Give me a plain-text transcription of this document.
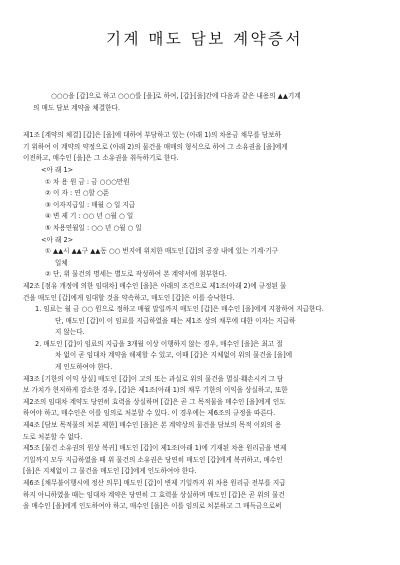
기계 매도 담보 계약증서

○○○을 [갑]으로 하고 ○○○를 [을]로 하여, [갑]·[을]간에 다음과 같은 내용의 ▲▲기계

의 매도 담보 계약을 체결한다.

제1조 [계약의 체결] [갑]은 [을]에 대하여 부담하고 있는 (아래 1)의 차용금 채무를 담보하

기 위하여 이 계약의 약정으로 (아래 2)의 물건을 매매의 형식으로 하여 그 소유권을 [을]에게

이전하고, 매수인 [을]은 그 소유권을 취득하기로 한다.

<아 래 1>

① 차 용 원 금 : 금 ○○○만원

② 이 자 : 연 ○할 ○푼

③ 이자지급일 : 매월 ○ 일 지급

④ 변 제 기 : ○○ 년 ○월 ○ 일

⑤ 차용연월일 : ○○ 년 ○월 ○ 일

<아 래 2>

① ▲▲시 ▲▲구 ▲▲동 ○○ 번지에 위치한 매도인 [갑]의 공장 내에 있는 기계·기구

일체

② 단, 위 물건의 명세는 별도로 작성하여 본 계약서에 첨부한다.

제2조 [점유 개정에 의한 임대차] 매수인 [을]은 아래의 조건으로 제1조(아래 2)에 규정된 물

건을 매도인 [갑]에게 임대할 것을 약속하고, 매도인 [갑]은 이를 승낙한다.

1. 임료는 월 금 ○○ 원으로 정하고 매월 말일까지 매도인 [갑]은 매수인 [을]에게 지참하여 지급한다.

단, 매도인 [갑]이 이 임료를 지급하였을 때는 제1조 상의 채무에 대한 이자는 지급하

지 않는다.

2. 매도인 [갑]이 임료의 지급을 3개월 이상 이행하지 않는 경우, 매수인 [을]은 최고 절

차 없이 곧 임대차 계약을 해제할 수 있고, 이때 [갑]은 지체없이 위의 물건을 [을]에

게 인도하여야 한다.

제3조 [기한의 이익 상실] 매도인 [갑]이 고의 또는 과실로 위의 물건을 멸실·훼손시켜 그 담

보 가치가 현저하게 감소한 경우, [갑]은 제1조(아래 1)의 채무 기한의 이익을 상실하고, 또한

제2조의 임대차 계약도 당연히 효력을 상실하며 [갑]은 곧 그 목적물을 매수인 [을]에게 인도

하여야 하고, 매수인은 이를 임의로 처분할 수 있다. 이 경우에는 제6조의 규정을 따른다.

제4조 [담보 목적물의 처분 제한] 매수인 [을]은 본 계약상의 물건을 담보의 목적 이외의 용

도로 처분할 수 없다.

제5조 [물건 소유권의 원상 복귀] 매도인 [갑]이 제1조(아래 1)에 기재된 차용 원리금을 변제

기일까지 모두 지급하였을 때 위 물건의 소유권은 당연히 매도인 [갑]에게 복귀하고, 매수인

[을]은 지체없이 그 물건을 매도인 [갑]에게 인도하여야 한다.

제6조 [채무불이행시에 정산 의무] 매도인 [갑]이 변제 기일까지 위 차용 원리금 전부를 지급

하지 아니하였을 때는 임대차 계약은 당연히 그 효력을 상실하며 매도인 [갑]은 곧 위의 물건

을 매수인 [을]에게 인도하여야 하고, 매수인 [을]은 이를 임의로 처분하고 그 매득금으로써
